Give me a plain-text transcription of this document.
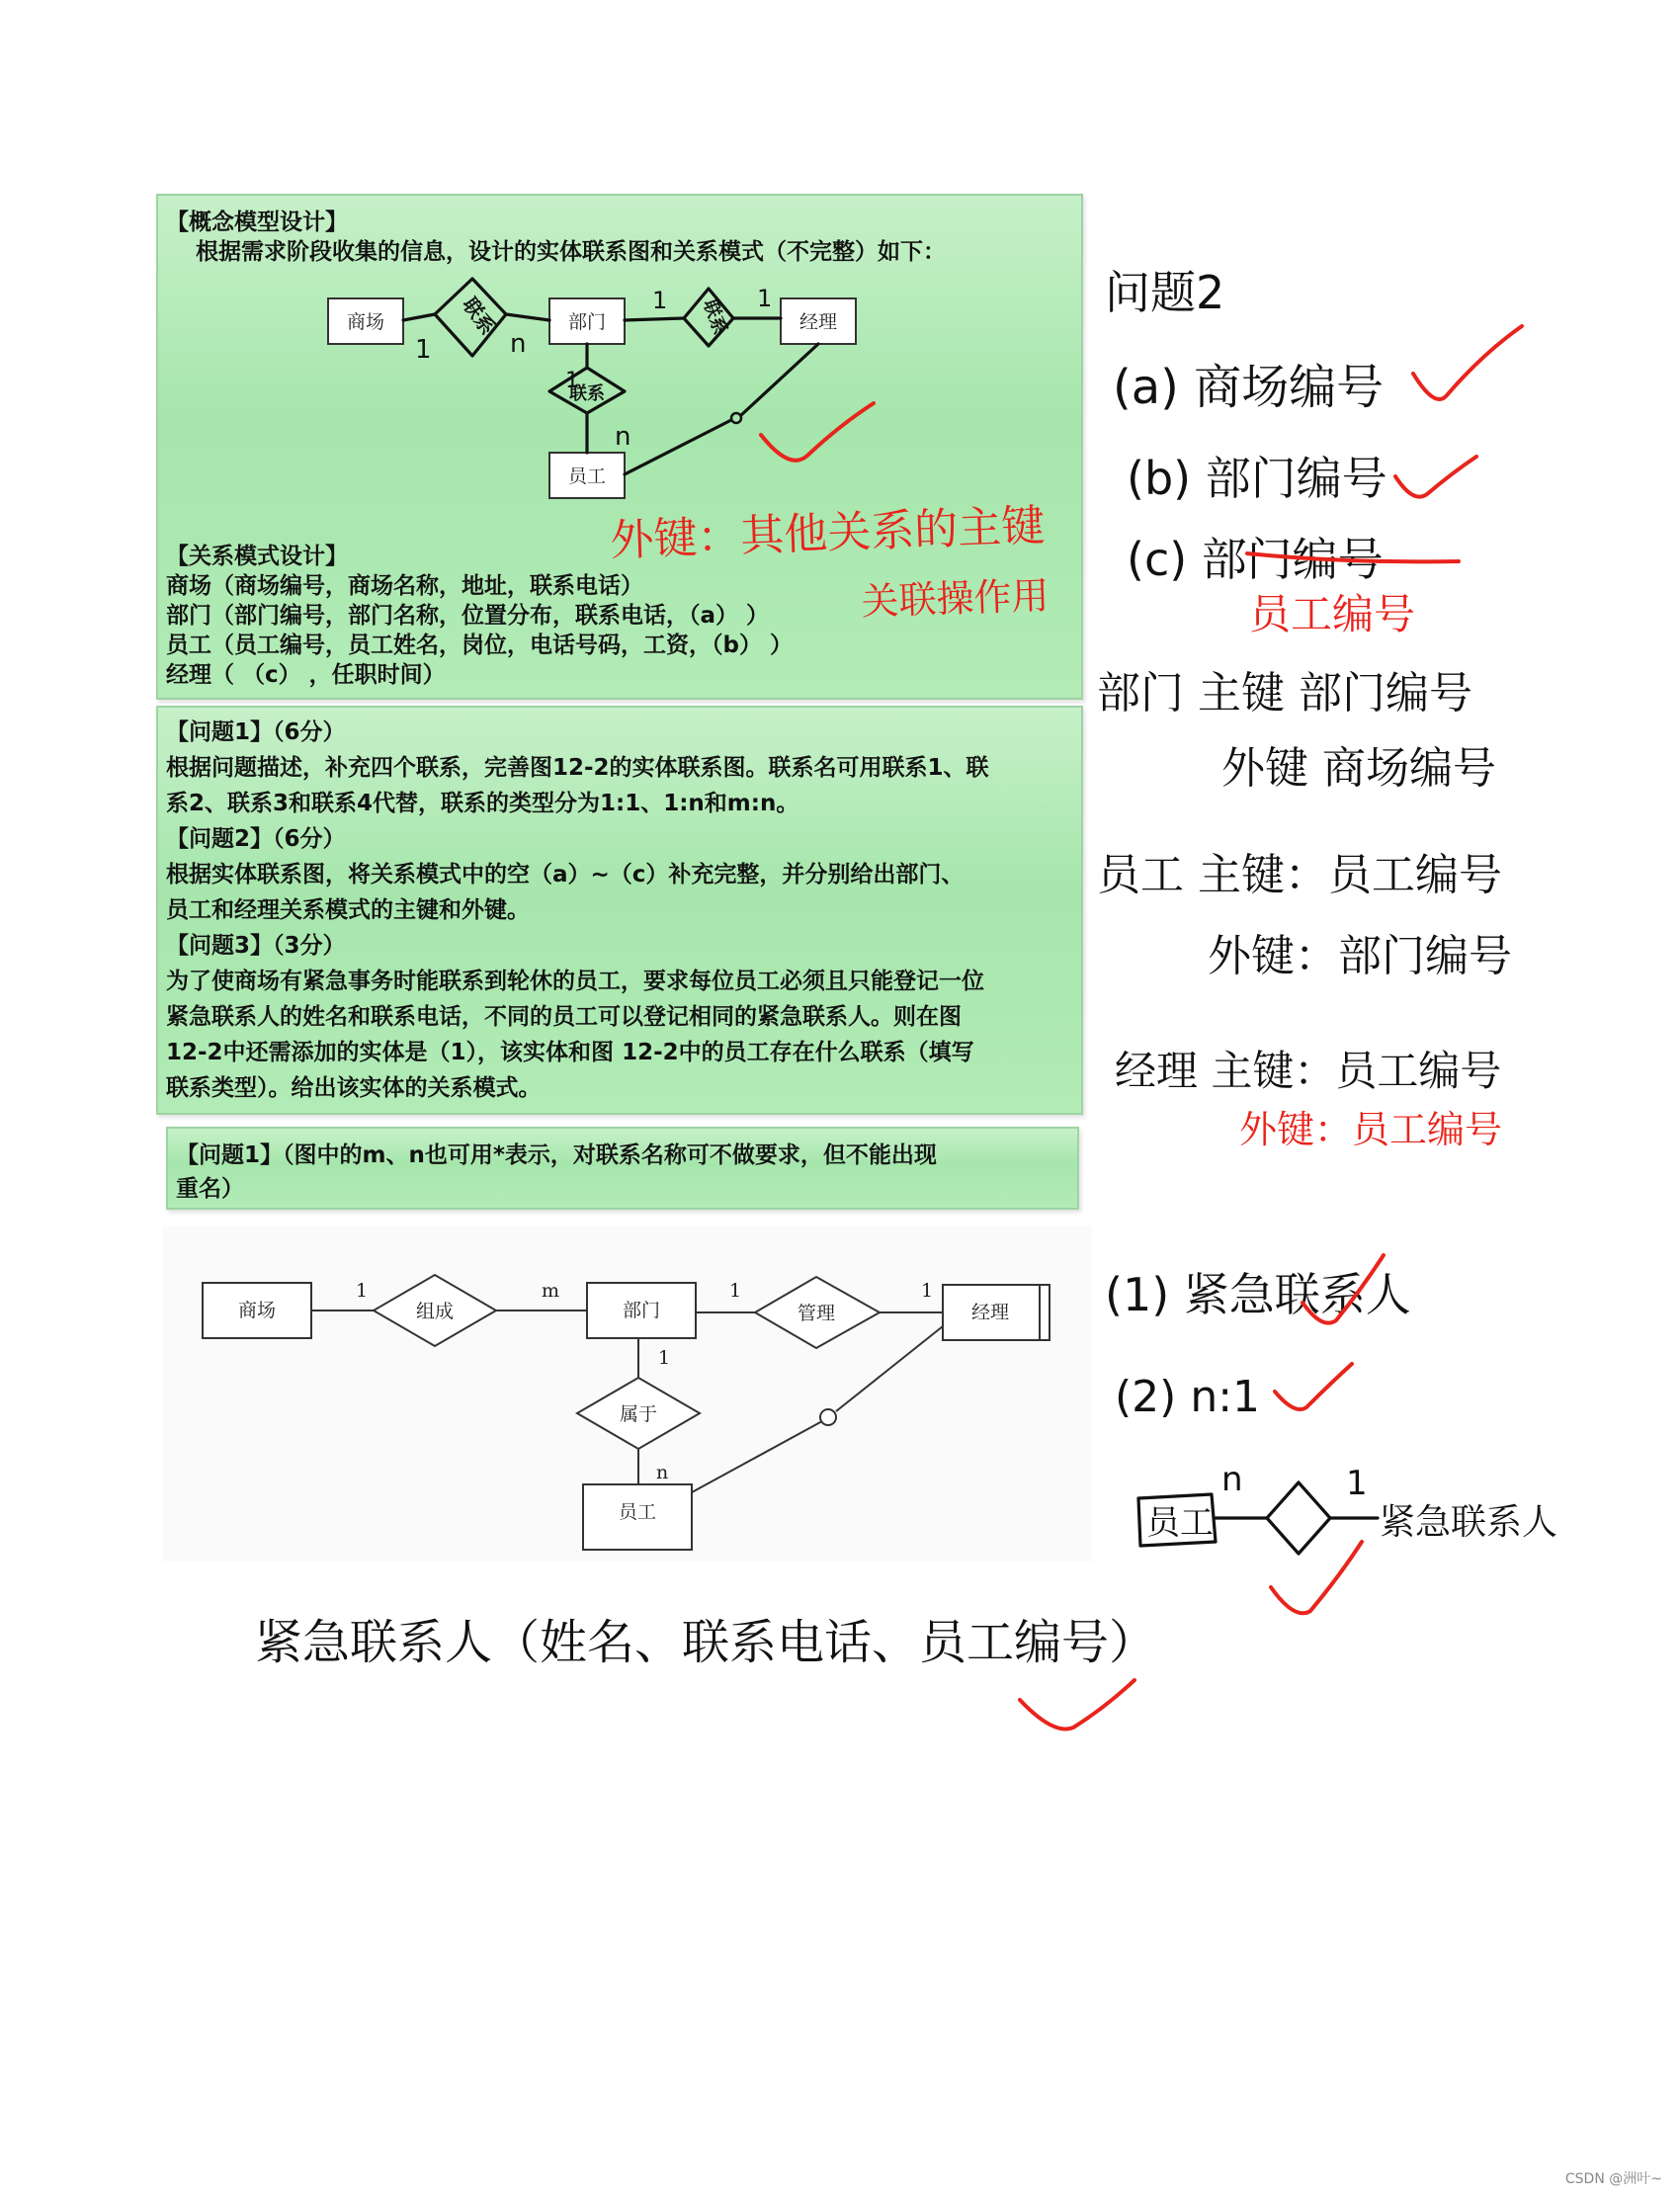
【概念模型设计】
根据需求阶段收集的信息，设计的实体联系图和关系模式（不完整）如下：
商场	部门	经理
员工
联系	联系
联系
1	n
1	1
1
n
【关系模式设计】
商场（商场编号，商场名称，地址，联系电话）
部门（部门编号，部门名称，位置分布，联系电话，（a） ）
员工（员工编号，员工姓名，岗位，电话号码，工资，（b） ）
经理（ （c） ，任职时间）
【问题1】（6分）
根据问题描述，补充四个联系，完善图12-2的实体联系图。联系名可用联系1、联
系2、联系3和联系4代替，联系的类型分为1:1、1:n和m:n。
【问题2】（6分）
根据实体联系图，将关系模式中的空（a）~（c）补充完整，并分别给出部门、
员工和经理关系模式的主键和外键。
【问题3】（3分）
为了使商场有紧急事务时能联系到轮休的员工，要求每位员工必须且只能登记一位
紧急联系人的姓名和联系电话，不同的员工可以登记相同的紧急联系人。则在图
12-2中还需添加的实体是（1），该实体和图 12-2中的员工存在什么联系（填写
联系类型）。给出该实体的关系模式。
【问题1】（图中的m、n也可用*表示，对联系名称可不做要求，但不能出现
重名）
商场	组成	部门	管理	经理
属于
员工
1	m	1	1
1
n
外键：其他关系的主键
关联操作用
问题2
(a) 商场编号
(b) 部门编号
(c) 部门编号
员工编号
部门 主键 部门编号
外键 商场编号
员工 主键：员工编号
外键：部门编号
经理 主键：员工编号
外键：员工编号
(1) 紧急联系人
(2) n:1
员工
n	1
紧急联系人
紧急联系人（姓名、联系电话、员工编号）
CSDN @洲叶~
